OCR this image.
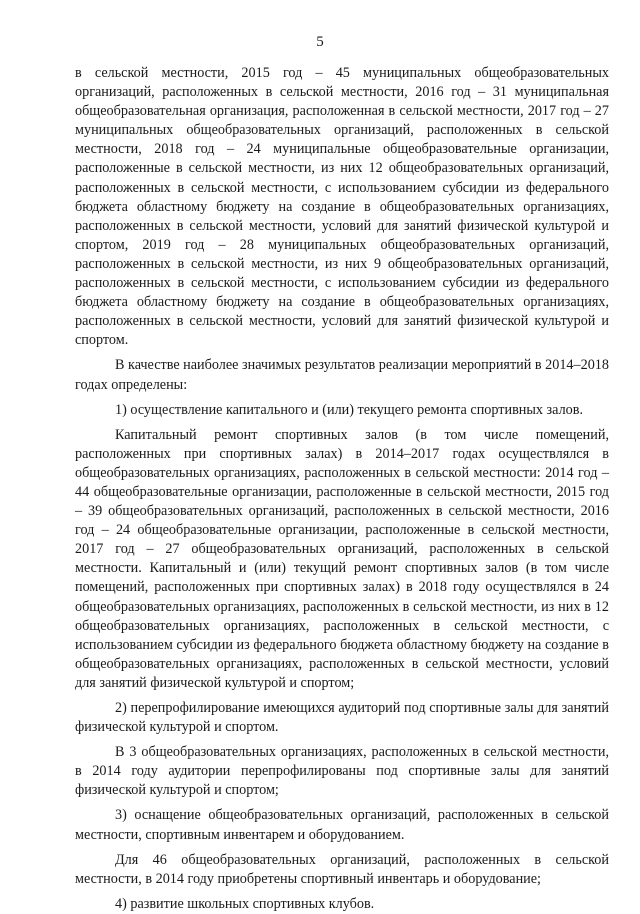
5

в сельской местности, 2015 год – 45 муниципальных общеобразовательных организаций, расположенных в сельской местности, 2016 год – 31 муниципальная общеобразовательная организация, расположенная в сельской местности, 2017 год – 27 муниципальных общеобразовательных организаций, расположенных в сельской местности, 2018 год – 24 муниципальные общеобразовательные организации, расположенные в сельской местности, из них 12 общеобразовательных организаций, расположенных в сельской местности, с использованием субсидии из федерального бюджета областному бюджету на создание в общеобразовательных организациях, расположенных в сельской местности, условий для занятий физической культурой и спортом, 2019 год – 28 муниципальных общеобразовательных организаций, расположенных в сельской местности, из них 9 общеобразовательных организаций, расположенных в сельской местности, с использованием субсидии из федерального бюджета областному бюджету на создание в общеобразовательных организациях, расположенных в сельской местности, условий для занятий физической культурой и спортом.

В качестве наиболее значимых результатов реализации мероприятий в 2014–2018 годах определены:

1) осуществление капитального и (или) текущего ремонта спортивных залов.

Капитальный ремонт спортивных залов (в том числе помещений, расположенных при спортивных залах) в 2014–2017 годах осуществлялся в общеобразовательных организациях, расположенных в сельской местности: 2014 год – 44 общеобразовательные организации, расположенные в сельской местности, 2015 год – 39 общеобразовательных организаций, расположенных в сельской местности, 2016 год – 24 общеобразовательные организации, расположенные в сельской местности, 2017 год – 27 общеобразовательных организаций, расположенных в сельской местности. Капитальный и (или) текущий ремонт спортивных залов (в том числе помещений, расположенных при спортивных залах) в 2018 году осуществлялся в 24 общеобразовательных организациях, расположенных в сельской местности, из них в 12 общеобразовательных организациях, расположенных в сельской местности, с использованием субсидии из федерального бюджета областному бюджету на создание в общеобразовательных организациях, расположенных в сельской местности, условий для занятий физической культурой и спортом;

2) перепрофилирование имеющихся аудиторий под спортивные залы для занятий физической культурой и спортом.

В 3 общеобразовательных организациях, расположенных в сельской местности, в 2014 году аудитории перепрофилированы под спортивные залы для занятий физической культурой и спортом;

3) оснащение общеобразовательных организаций, расположенных в сельской местности, спортивным инвентарем и оборудованием.

Для 46 общеобразовательных организаций, расположенных в сельской местности, в 2014 году приобретены спортивный инвентарь и оборудование;

4) развитие школьных спортивных клубов.
